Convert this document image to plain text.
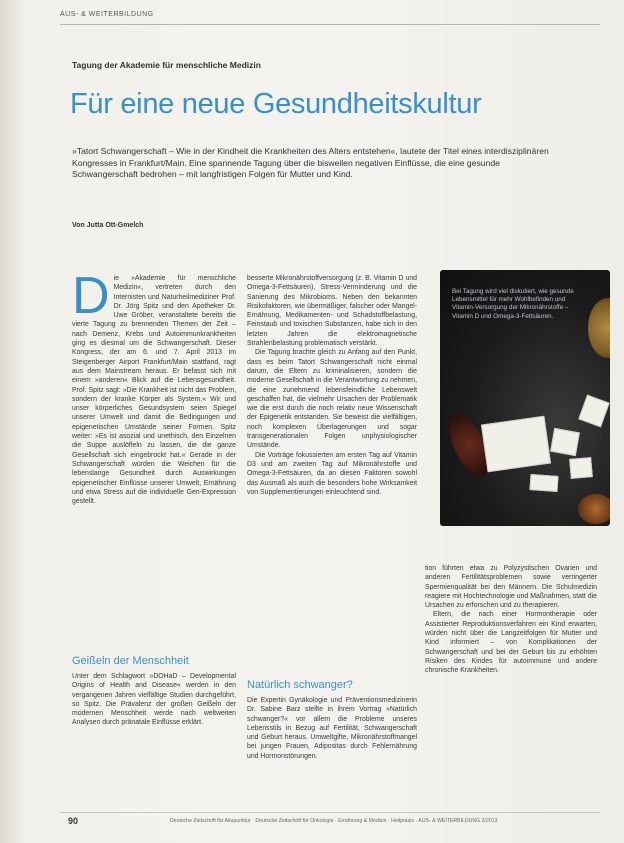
AUS- & WEITERBILDUNG
Tagung der Akademie für menschliche Medizin
Für eine neue Gesundheitskultur
»Tatort Schwangerschaft – Wie in der Kindheit die Krankheiten des Alters entstehen«, lautete der Titel eines interdisziplinären Kongresses in Frankfurt/Main. Eine spannende Tagung über die bisweilen negativen Einflüsse, die eine gesunde Schwangerschaft bedrohen – mit langfristigen Folgen für Mutter und Kind.
Von Jutta Ott-Gmelch
D ie »Akademie für menschliche Medizin«, vertreten durch den Internisten und Naturheilmediziner Prof. Dr. Jörg Spitz und den Apotheker Dr. Uwe Gröber, veranstaltete bereits die vierte Tagung zu brennenden Themen der Zeit – nach Demenz, Krebs und Autoimmunkrankheiten ging es diesmal um die Schwangerschaft. Dieser Kongress, der am 6. und 7. April 2013 im Steigenberger Airport Frankfurt/Main stattfand, ragt aus dem Mainstream heraus. Er befasst sich mit einem »anderen« Blick auf die Lebensgesundheit. Prof. Spitz sagt: »Die Krankheit ist nicht das Problem, sondern der kranke Körper als System.« Wir und unser körperliches Gesundsystem seien Spiegel unserer Umwelt und damit die Bedingungen und epigenetischen Umstände seiner Formen. Spitz weiter: »Es ist asozial und unethisch, den Einzelnen die Suppe auslöffeln zu lassen, die die ganze Gesellschaft sich eingebrockt hat.« Gerade in der Schwangerschaft würden die Weichen für die lebenslange Gesundheit durch Auswirkungen epigenetischer Einflüsse unserer Umwelt, Ernährung und etwa Stress auf die individuelle Gen-Expression gestellt.

Geißeln der Menschheit

Unter dem Schlagwort »DOHaD – Developmental Origins of Health and Disease« werden in den vergangenen Jahren vielfältige Studien durchgeführt, so Spitz. Die Prävalenz der großen Geißeln der modernen Menschheit werde nach weltweiten Analysen durch pränatale Einflüsse erklärt.

besserte Mikronährstoffversorgung (z. B. Vitamin D und Omega-3-Fettsäuren), Stress-Verminderung und die Sanierung des Mikrobioms. Neben den bekannten Risikofaktoren, wie übermäßiger, falscher oder Mangel-Ernährung, Medikamenten- und Schadstoffbelastung, Feinstaub und toxischen Substanzen, habe sich in den letzten Jahren die elektromagnetische Strahlenbelastung problematisch verstärkt.

Die Tagung brachte gleich zu Anfang auf den Punkt, dass es beim Tatort Schwangerschaft nicht einmal darum, die Eltern zu kriminalisieren, sondern die moderne Gesellschaft in die Verantwortung zu nehmen, die eine zunehmend lebensfeindliche Lebenswelt geschaffen hat, die vielmehr Ursachen der Problematik wie die erst durch die noch relativ neue Wissenschaft der Epigenetik entstanden. Sie beweist die vielfältigen, noch komplexen Überlagerungen und sogar transgenerationalen Folgen unphysiologischer Umstände.

Die Vorträge fokussierten am ersten Tag auf Vitamin D3 und am zweiten Tag auf Mikronährstoffe und Omega-3-Fettsäuren, da an diesen Faktoren sowohl das Ausmaß als auch die besonders hohe Wirksamkeit von Supplementierungen einleuchtend sind.

Natürlich schwanger?

Die Expertin Gynäkologie und Präventionsmedizinerin Dr. Sabine Barz stellte in ihrem Vortrag »Natürlich schwanger?« vor allem die Probleme unseres Lebensstils in Bezug auf Fertilität, Schwangerschaft und Geburt heraus. Umweltgifte, Mikronährstoffmangel bei jungen Frauen, Adipositas durch Fehlernährung und Hormonstörungen.

Bei Tagung wird viel diskutiert, wie gesunde Lebensmittel für mehr Wohlbefinden und Vitamin-Versorgung der Mikronährstoffe – Vitamin D und Omega-3-Fettsäuren.

tion führten etwa zu Polyzystischen Ovarien und anderen Fertilitätsproblemen sowie verringerter Spermienqualität bei den Männern. Die Schulmedizin reagiere mit Hochtechnologie und Maßnahmen, statt die Ursachen zu erforschen und zu therapieren.

Eltern, die nach einer Hormontherapie oder Assistierter Reproduktionsverfahren ein Kind erwarten, würden nicht über die Langzeitfolgen für Mutter und Kind informiert – von Komplikationen der Schwangerschaft und bei der Geburt bis zu erhöhten Risiken des Kindes für autoimmune und andere chronische Krankheiten.

90	Deutsche Zeitschrift für Akupunktur · Deutsche Zeitschrift für Onkologie · Ernährung & Medizin · Heilpraxis · AUS- & WEITERBILDUNG 2/2013
